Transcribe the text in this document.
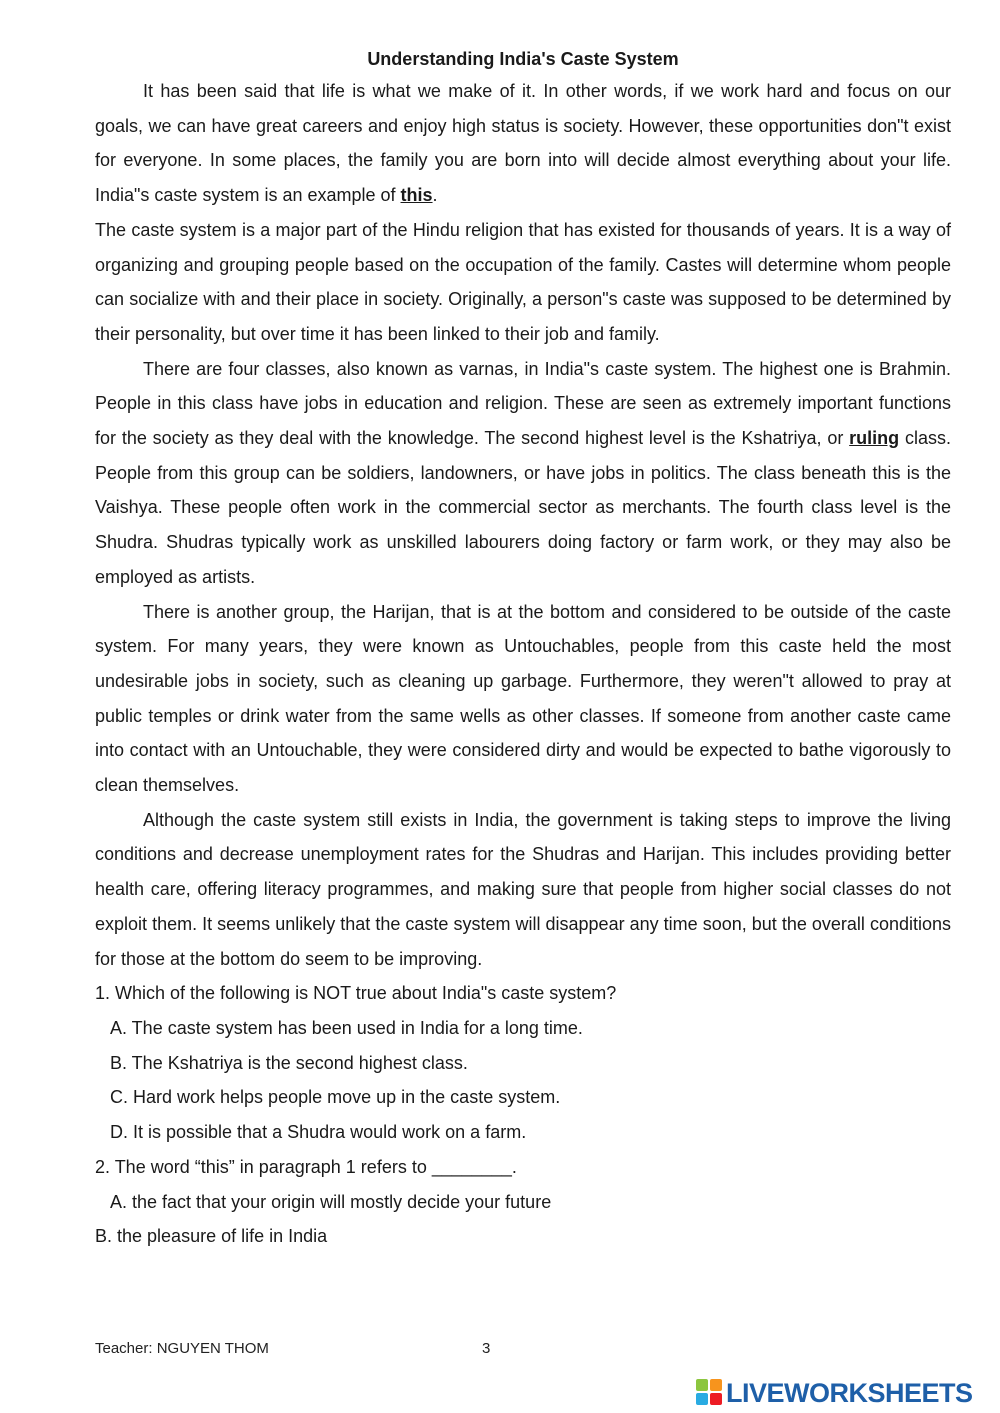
Understanding India's Caste System

It has been said that life is what we make of it. In other words, if we work hard and focus on our goals, we can have great careers and enjoy high status is society. However, these opportunities don"t exist for everyone. In some places, the family you are born into will decide almost everything about your life. India"s caste system is an example of this.

The caste system is a major part of the Hindu religion that has existed for thousands of years. It is a way of organizing and grouping people based on the occupation of the family. Castes will determine whom people can socialize with and their place in society. Originally, a person"s caste was supposed to be determined by their personality, but over time it has been linked to their job and family.

There are four classes, also known as varnas, in India"s caste system. The highest one is Brahmin. People in this class have jobs in education and religion. These are seen as extremely important functions for the society as they deal with the knowledge. The second highest level is the Kshatriya, or ruling class. People from this group can be soldiers, landowners, or have jobs in politics. The class beneath this is the Vaishya. These people often work in the commercial sector as merchants. The fourth class level is the Shudra. Shudras typically work as unskilled labourers doing factory or farm work, or they may also be employed as artists.

There is another group, the Harijan, that is at the bottom and considered to be outside of the caste system. For many years, they were known as Untouchables, people from this caste held the most undesirable jobs in society, such as cleaning up garbage. Furthermore, they weren"t allowed to pray at public temples or drink water from the same wells as other classes. If someone from another caste came into contact with an Untouchable, they were considered dirty and would be expected to bathe vigorously to clean themselves.

Although the caste system still exists in India, the government is taking steps to improve the living conditions and decrease unemployment rates for the Shudras and Harijan. This includes providing better health care, offering literacy programmes, and making sure that people from higher social classes do not exploit them. It seems unlikely that the caste system will disappear any time soon, but the overall conditions for those at the bottom do seem to be improving.

1. Which of the following is NOT true about India"s caste system?

A. The caste system has been used in India for a long time.

B. The Kshatriya is the second highest class.

C. Hard work helps people move up in the caste system.

D. It is possible that a Shudra would work on a farm.

2. The word “this” in paragraph 1 refers to ________.

A. the fact that your origin will mostly decide your future

B. the pleasure of life in India

Teacher: NGUYEN THOM	3
LIVEWORKSHEETS
